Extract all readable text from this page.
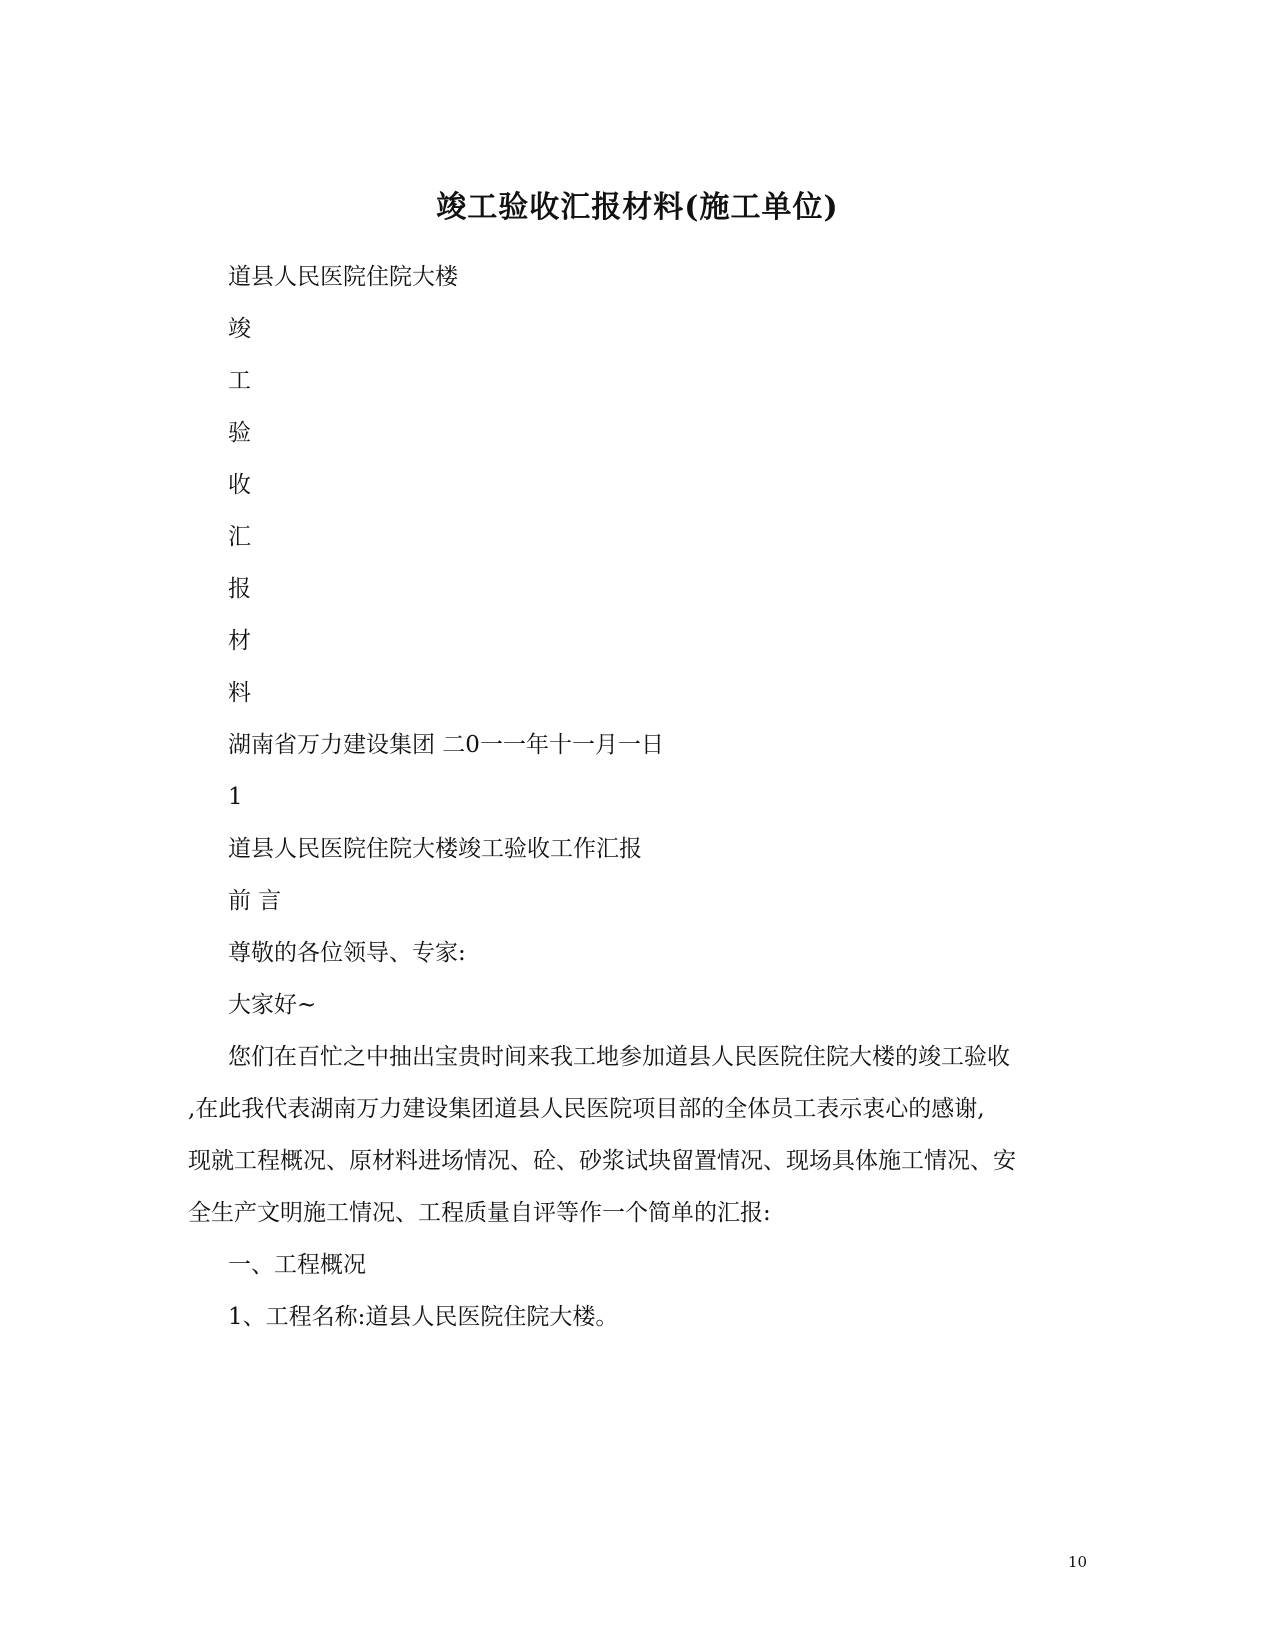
竣工验收汇报材料(施工单位)

道县人民医院住院大楼

竣

工

验

收

汇

报

材

料

湖南省万力建设集团 二0一一年十一月一日

1

道县人民医院住院大楼竣工验收工作汇报

前 言

尊敬的各位领导、专家:

大家好~

您们在百忙之中抽出宝贵时间来我工地参加道县人民医院住院大楼的竣工验收

,在此我代表湖南万力建设集团道县人民医院项目部的全体员工表示衷心的感谢,

现就工程概况、原材料进场情况、砼、砂浆试块留置情况、现场具体施工情况、安

全生产文明施工情况、工程质量自评等作一个简单的汇报:

一、工程概况

1、工程名称:道县人民医院住院大楼。

10
